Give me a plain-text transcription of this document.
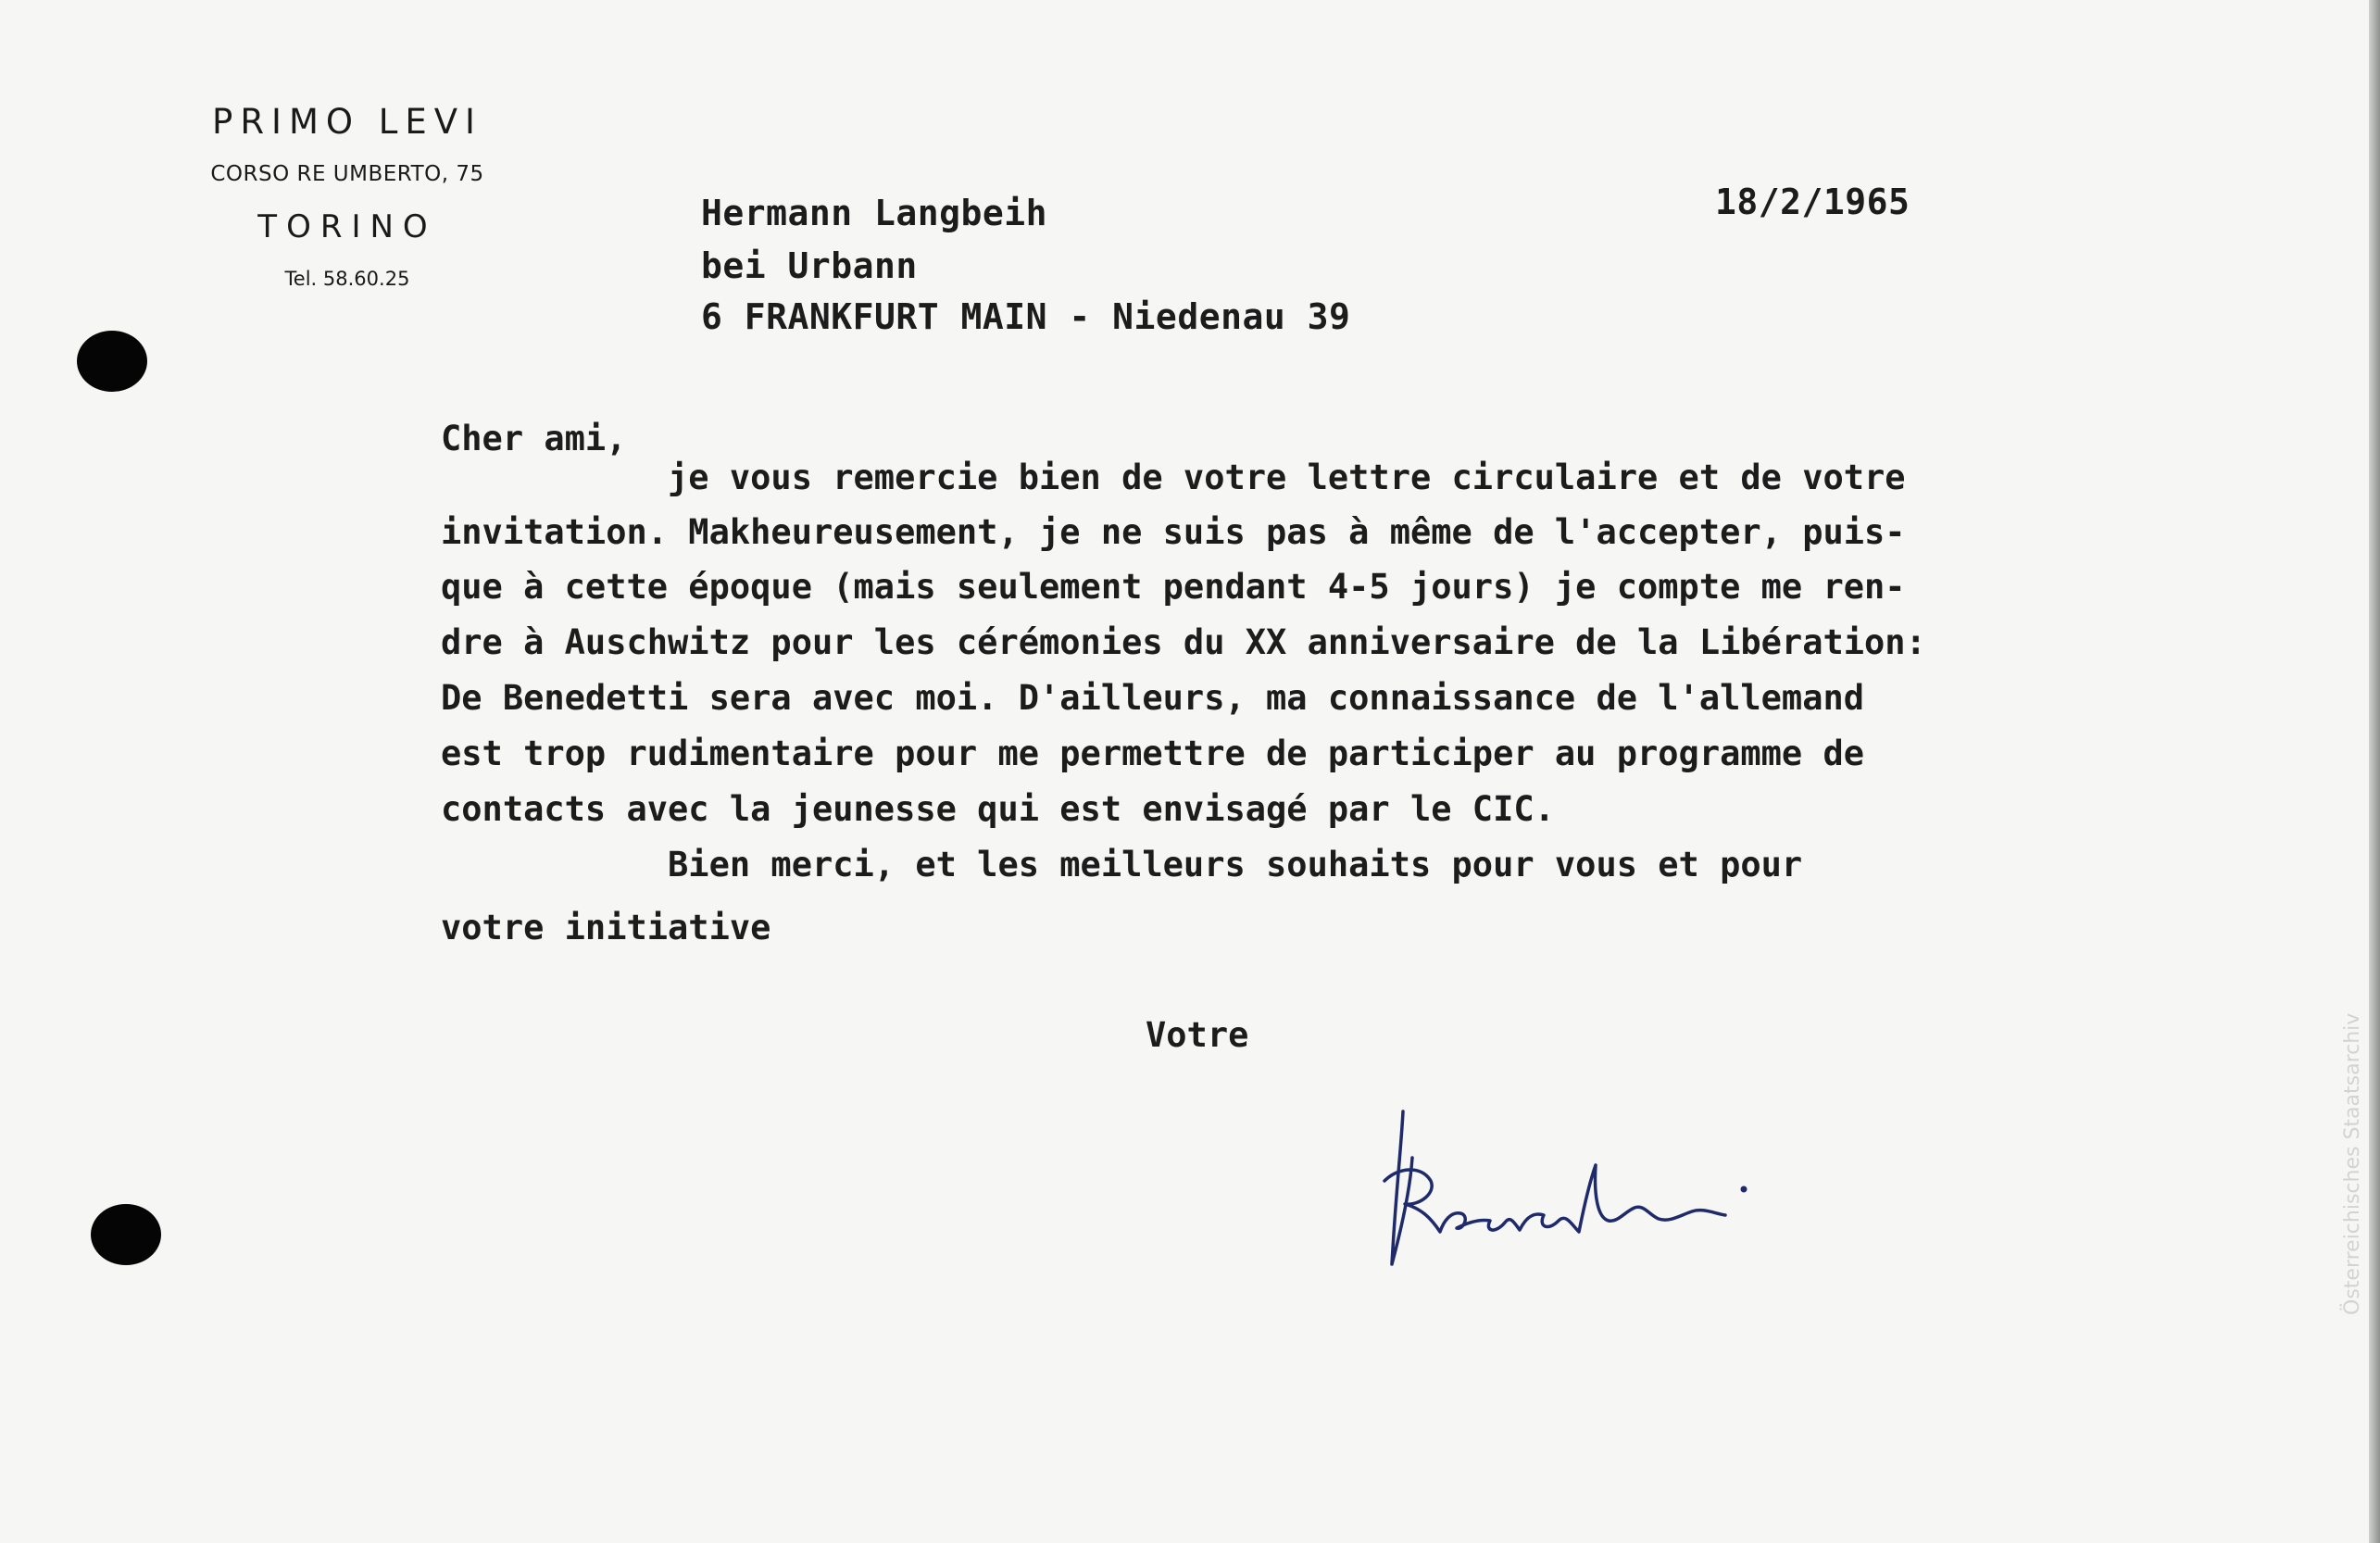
PRIMO LEVI
CORSO RE UMBERTO, 75
TORINO
Tel. 58.60.25
Hermann Langbeih
bei Urbann
6 FRANKFURT MAIN - Niedenau 39
18/2/1965
Cher ami,
je vous remercie bien de votre lettre circulaire et de votre
invitation. Makheureusement, je ne suis pas à même de l'accepter, puis-
que à cette époque (mais seulement pendant 4-5 jours) je compte me ren-
dre à Auschwitz pour les cérémonies du XX anniversaire de la Libération:
De Benedetti sera avec moi. D'ailleurs, ma connaissance de l'allemand
est trop rudimentaire pour me permettre de participer au programme de
contacts avec la jeunesse qui est envisagé par le CIC.
Bien merci, et les meilleurs souhaits pour vous et pour
votre initiative
Votre	Österreichisches Staatsarchiv
